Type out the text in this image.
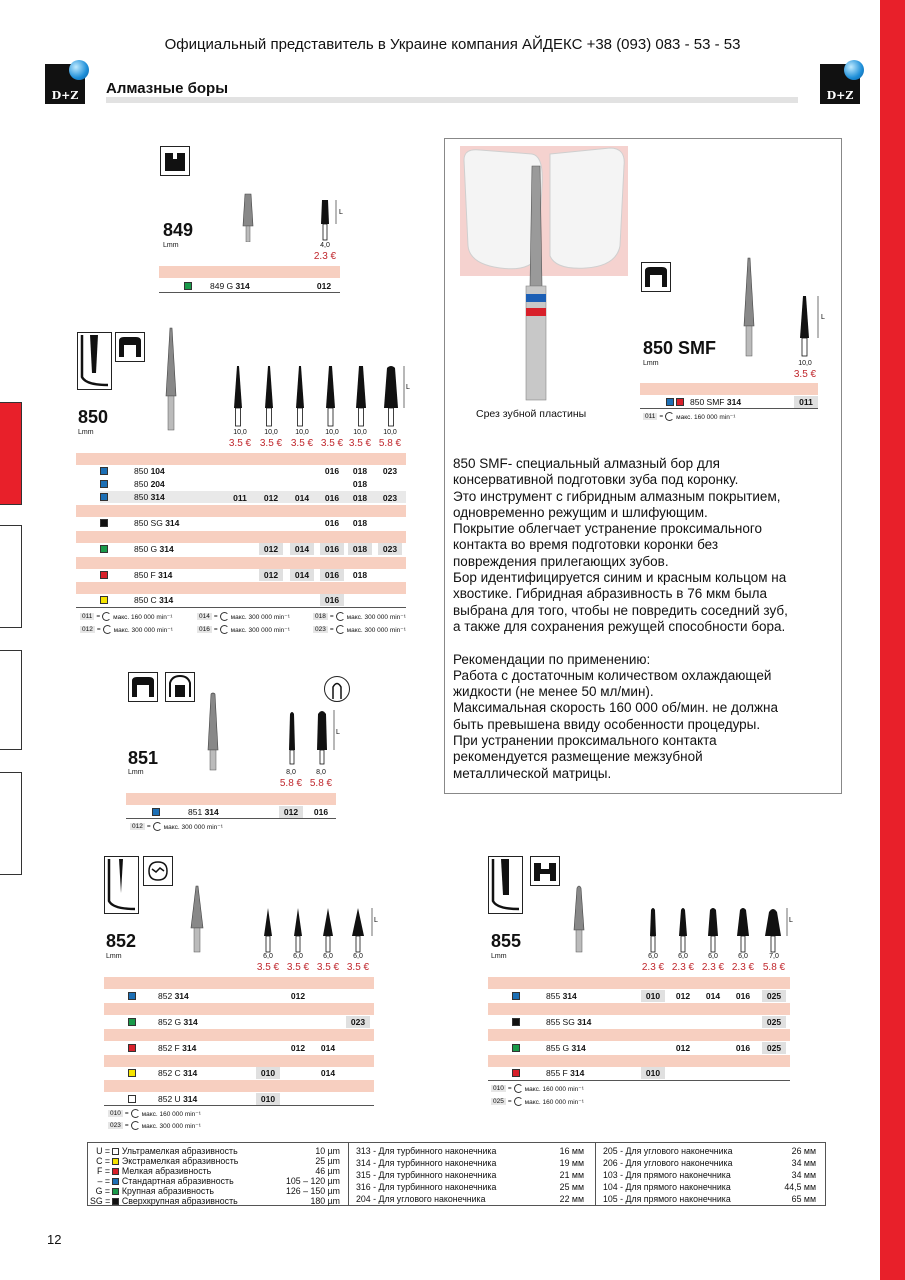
Официальный представитель в Украине компания АЙДЕКС +38 (093) 083 - 53 - 53
D+Z	D+Z
Алмазные боры
L
849
Lmm	4,0
2.3 €
849 G 314	012
L
850
Lmm	10,0	10,0	10,0	10,0	10,0	10,0
3.5 € 3.5 € 3.5 € 3.5 € 3.5 € 5.8 €
850 104	016	018	023
850 204	018
850 314	011	012	014	016	018	023
850 SG 314	016	018
850 G 314	012	014	016	018	023
850 F 314	012	014	016	018
850 C 314	016
011 = макс. 160 000 min⁻¹	014 = макс. 300 000 min⁻¹	018 = макс. 300 000 min⁻¹
012 = макс. 300 000 min⁻¹	016 = макс. 300 000 min⁻¹	023 = макс. 300 000 min⁻¹
L
851
Lmm	8,0	8,0
5.8 € 5.8 €
851 314	012	016
012 = макс. 300 000 min⁻¹
L
852
Lmm	6,0	6,0	6,0	6,0
3.5 € 3.5 € 3.5 € 3.5 €
852 314	012
852 G 314	023
852 F 314	012	014
852 C 314	010	014
852 U 314	010
010 = макс. 160 000 min⁻¹
023 = макс. 300 000 min⁻¹
L
855
Lmm	6,0	6,0	6,0	6,0	7,0
2.3 € 2.3 € 2.3 € 2.3 € 5.8 €
855 314	010	012	014	016	025
855 SG 314	025
855 G 314	012	016	025
855 F 314	010
010 = макс. 160 000 min⁻¹
025 = макс. 160 000 min⁻¹
Срез зубной пластины
L
850 SMF
Lmm	10,0
3.5 €
850 SMF 314	011
011 = макс. 160 000 min⁻¹

850 SMF- специальный алмазный бор для

консервативной подготовки зуба под коронку.

Это инструмент с гибридным алмазным покрытием,

одновременно режущим и шлифующим.

Покрытие облегчает устранение проксимального

контакта во время подготовки коронки без

повреждения прилегающих зубов.

Бор идентифицируется синим и красным кольцом на

хвостике. Гибридная абразивность в 76 мкм была

выбрана для того, чтобы не повредить соседний зуб,

а также для сохранения режущей способности бора.

Рекомендации по применению:

Работа с достаточным количеством охлаждающей

жидкости (не менее 50 мл/мин).

Максимальная скорость 160 000 об/мин. не должна

быть превышена ввиду особенности процедуры.

При устранении проксимального контакта

рекомендуется размещение межзубной

металлической матрицы.

U = Ультрамелкая абразивность	10 µm
C = Экстрамелкая абразивность	25 µm
F = Мелкая абразивность	46 µm
– = Стандартная абразивность	105 – 120 µm
G = Крупная абразивность	126 – 150 µm
SG = Сверхкрупная абразивность	180 µm
313 - Для турбинного наконечника	16 мм
314 - Для турбинного наконечника	19 мм
315 - Для турбинного наконечника	21 мм
316 - Для турбинного наконечника	25 мм
204 - Для углового наконечника	22 мм
205 - Для углового наконечника	26 мм
206 - Для углового наконечника	34 мм
103 - Для прямого наконечника	34 мм
104 - Для прямого наконечника	44,5 мм
105 - Для прямого наконечника	65 мм
12
